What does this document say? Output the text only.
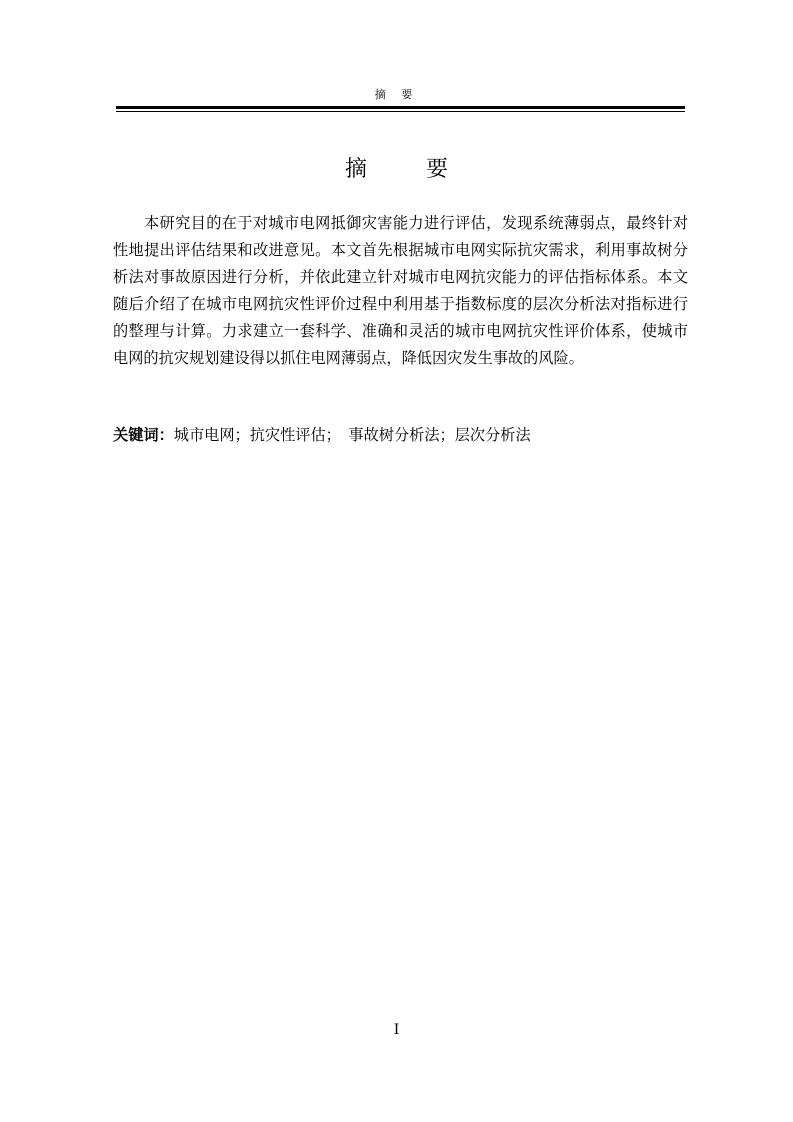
摘 要
摘 要

本研究目的在于对城市电网抵御灾害能力进行评估，发现系统薄弱点，最终针对性地提出评估结果和改进意见。本文首先根据城市电网实际抗灾需求，利用事故树分析法对事故原因进行分析，并依此建立针对城市电网抗灾能力的评估指标体系。本文随后介绍了在城市电网抗灾性评价过程中利用基于指数标度的层次分析法对指标进行的整理与计算。力求建立一套科学、准确和灵活的城市电网抗灾性评价体系，使城市电网的抗灾规划建设得以抓住电网薄弱点，降低因灾发生事故的风险。

关键词：城市电网；抗灾性评估；　事故树分析法；层次分析法
I
